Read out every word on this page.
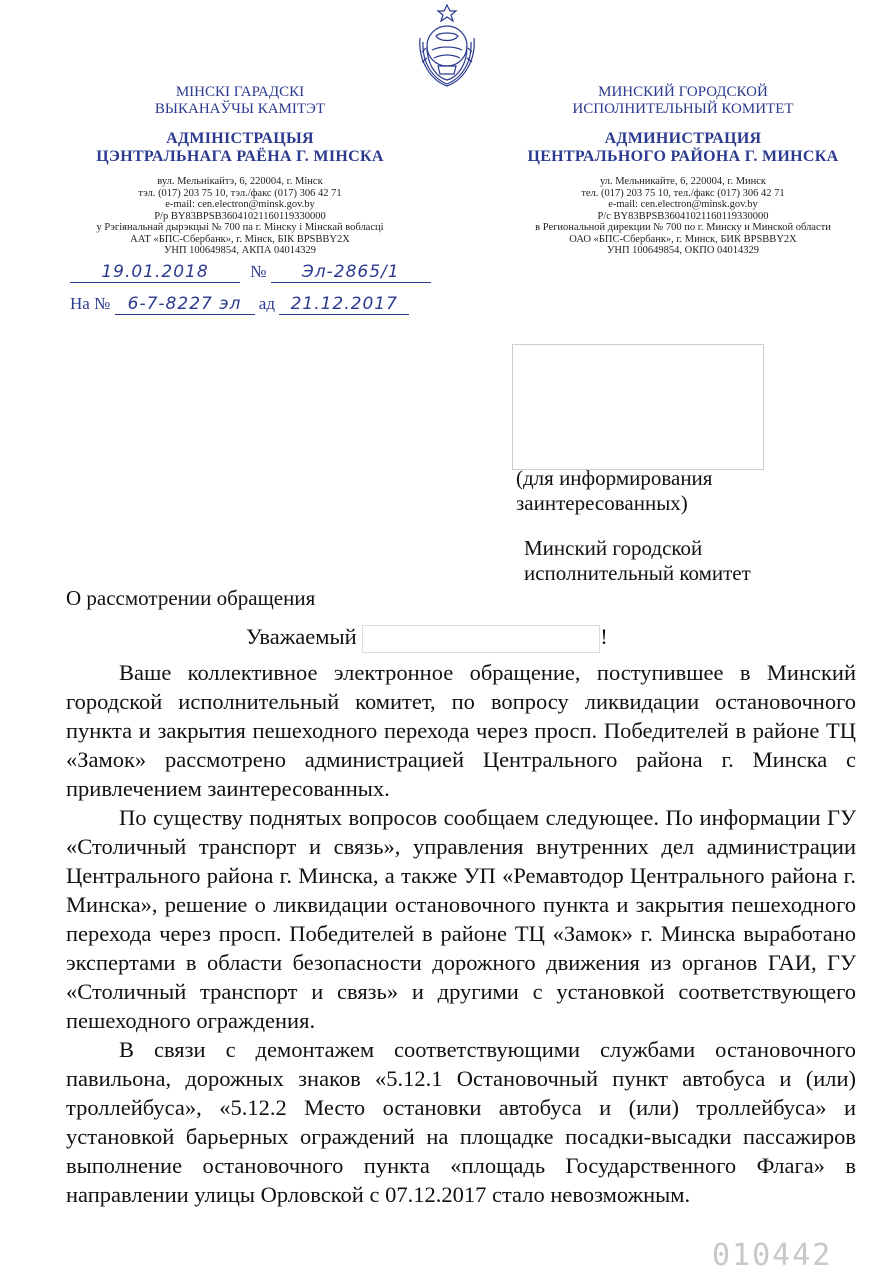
МІНСКІ ГАРАДСКІ
ВЫКАНАЎЧЫ КАМІТЭТ
АДМІНІСТРАЦЫЯ
ЦЭНТРАЛЬНАГА РАЁНА Г. МІНСКА
вул. Мельнікайтэ, 6, 220004, г. Мінск
тэл. (017) 203 75 10, тэл./факс (017) 306 42 71
e-mail: cen.electron@minsk.gov.by
Р/р BY83BPSB36041021160119330000
у Рэгіянальнай дырэкцыі № 700 па г. Мінску і Мінскай вобласці
ААТ «БПС-Сбербанк», г. Мінск, БІК BPSBBY2X
УНП 100649854, АКПА 04014329
МИНСКИЙ ГОРОДСКОЙ
ИСПОЛНИТЕЛЬНЫЙ КОМИТЕТ
АДМИНИСТРАЦИЯ
ЦЕНТРАЛЬНОГО РАЙОНА Г. МИНСКА
ул. Мельникайте, 6, 220004, г. Минск
тел. (017) 203 75 10, тел./факс (017) 306 42 71
e-mail: cen.electron@minsk.gov.by
Р/с BY83BPSB36041021160119330000
в Региональной дирекции № 700 по г. Минску и Минской области
ОАО «БПС-Сбербанк», г. Минск, БИК BPSBBY2X
УНП 100649854, ОКПО 04014329
19.01.2018 № Эл-2865/1
На № 6-7-8227 эл ад 21.12.2017
(для информирования
заинтересованных)
Минский городской
исполнительный комитет
О рассмотрении обращения
Уважаемый	!

Ваше коллективное электронное обращение, поступившее в Минский городской исполнительный комитет, по вопросу ликвидации остановочного пункта и закрытия пешеходного перехода через просп. Победителей в районе ТЦ «Замок» рассмотрено администрацией Центрального района г. Минска с привлечением заинтересованных.

По существу поднятых вопросов сообщаем следующее. По информации ГУ «Столичный транспорт и связь», управления внутренних дел администрации Центрального района г. Минска, а также УП «Ремавтодор Центрального района г. Минска», решение о ликвидации остановочного пункта и закрытия пешеходного перехода через просп. Победителей в районе ТЦ «Замок» г. Минска выработано экспертами в области безопасности дорожного движения из органов ГАИ, ГУ «Столичный транспорт и связь» и другими с установкой соответствующего пешеходного ограждения.

В связи с демонтажем соответствующими службами остановочного павильона, дорожных знаков «5.12.1 Остановочный пункт автобуса и (или) троллейбуса», «5.12.2 Место остановки автобуса и (или) троллейбуса» и установкой барьерных ограждений на площадке посадки-высадки пассажиров выполнение остановочного пункта «площадь Государственного Флага» в направлении улицы Орловской с 07.12.2017 стало невозможным.

010442
